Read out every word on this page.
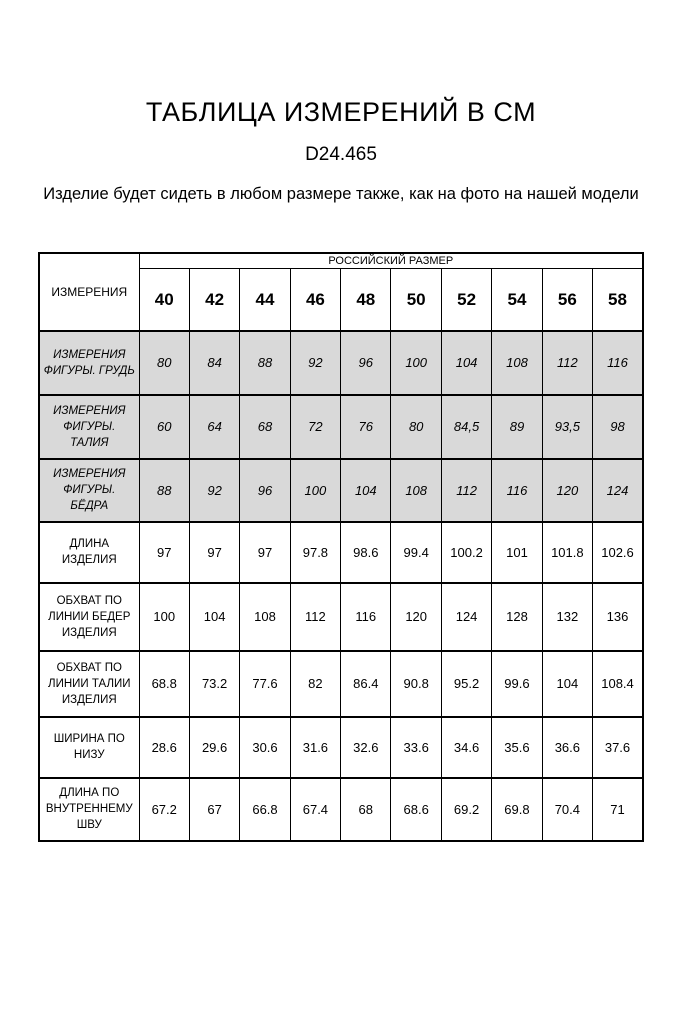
ТАБЛИЦА ИЗМЕРЕНИЙ В СМ
D24.465

Изделие будет сидеть в любом размере также, как на фото на нашей модели

ИЗМЕРЕНИЯ	РОССИЙСКИЙ РАЗМЕР									
	40	42	44	46	48	50	52	54	56	58
ИЗМЕРЕНИЯ ФИГУРЫ. ГРУДЬ	80	84	88	92	96	100	104	108	112	116
ИЗМЕРЕНИЯ ФИГУРЫ. ТАЛИЯ	60	64	68	72	76	80	84,5	89	93,5	98
ИЗМЕРЕНИЯ ФИГУРЫ. БЁДРА	88	92	96	100	104	108	112	116	120	124
ДЛИНА ИЗДЕЛИЯ	97	97	97	97.8	98.6	99.4	100.2	101	101.8	102.6
ОБХВАТ ПО ЛИНИИ БЕДЕР ИЗДЕЛИЯ	100	104	108	112	116	120	124	128	132	136
ОБХВАТ ПО ЛИНИИ ТАЛИИ ИЗДЕЛИЯ	68.8	73.2	77.6	82	86.4	90.8	95.2	99.6	104	108.4
ШИРИНА ПО НИЗУ	28.6	29.6	30.6	31.6	32.6	33.6	34.6	35.6	36.6	37.6
ДЛИНА ПО ВНУТРЕННЕМУ ШВУ	67.2	67	66.8	67.4	68	68.6	69.2	69.8	70.4	71
